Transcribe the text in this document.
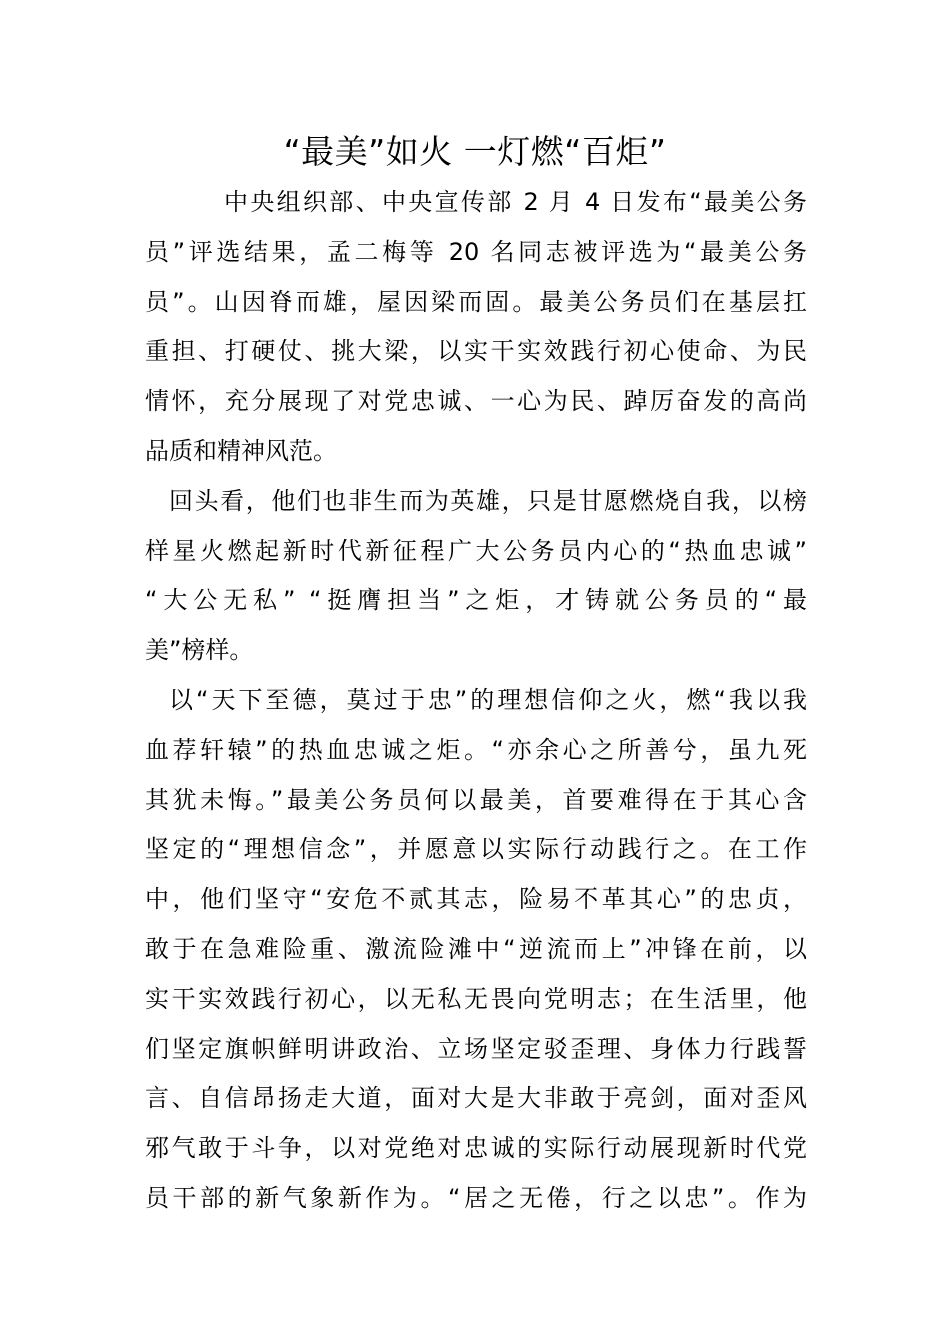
“最美”如火 一灯燃“百炬”
中央组织部、中央宣传部 2 月 4 日发布“最美公务
员”评选结果，孟二梅等 20 名同志被评选为“最美公务
员”。山因脊而雄，屋因梁而固。最美公务员们在基层扛
重担、打硬仗、挑大梁，以实干实效践行初心使命、为民
情怀，充分展现了对党忠诚、一心为民、踔厉奋发的高尚
品质和精神风范。
回头看，他们也非生而为英雄，只是甘愿燃烧自我，以榜
样星火燃起新时代新征程广大公务员内心的“热血忠诚”
“大公无私” “挺膺担当”之炬，才铸就公务员的“最
美”榜样。
以“天下至德，莫过于忠”的理想信仰之火，燃“我以我
血荐轩辕”的热血忠诚之炬。“亦余心之所善兮，虽九死
其犹未悔。”最美公务员何以最美，首要难得在于其心含
坚定的“理想信念”，并愿意以实际行动践行之。在工作
中，他们坚守“安危不贰其志，险易不革其心”的忠贞，
敢于在急难险重、激流险滩中“逆流而上”冲锋在前，以
实干实效践行初心，以无私无畏向党明志；在生活里，他
们坚定旗帜鲜明讲政治、立场坚定驳歪理、身体力行践誓
言、自信昂扬走大道，面对大是大非敢于亮剑，面对歪风
邪气敢于斗争，以对党绝对忠诚的实际行动展现新时代党
员干部的新气象新作为。“居之无倦，行之以忠”。作为
